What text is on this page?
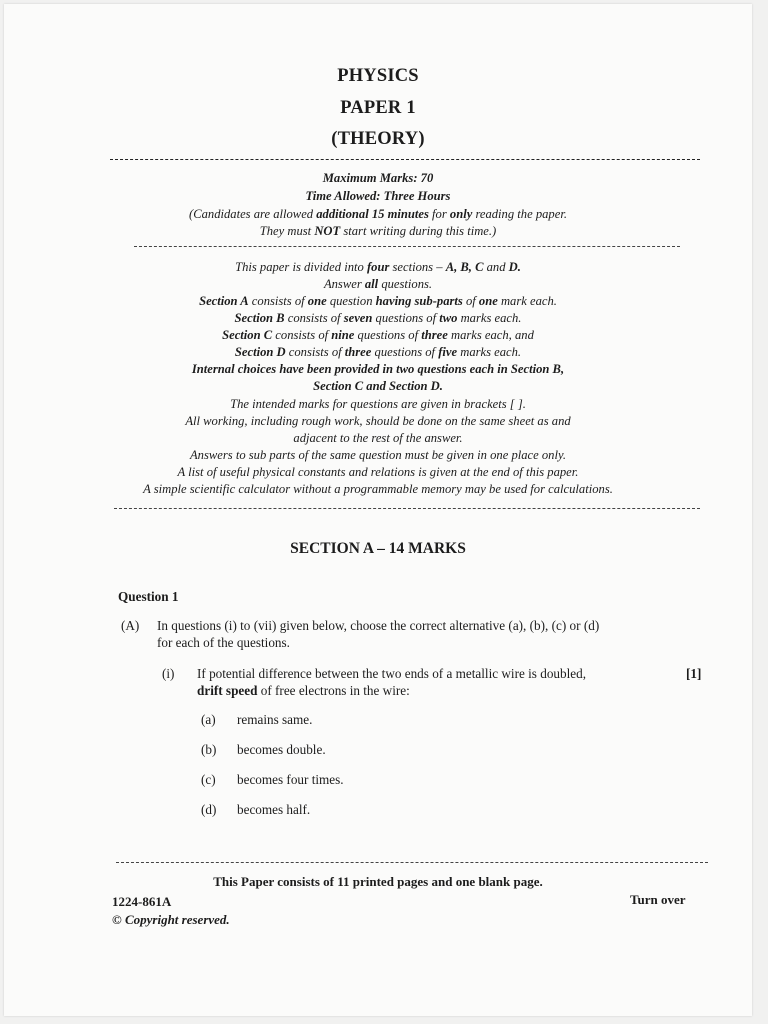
PHYSICS
PAPER 1
(THEORY)
Maximum Marks: 70
Time Allowed: Three Hours
(Candidates are allowed additional 15 minutes for only reading the paper.
They must NOT start writing during this time.)
This paper is divided into four sections – A, B, C and D.
Answer all questions.
Section A consists of one question having sub-parts of one mark each.
Section B consists of seven questions of two marks each.
Section C consists of nine questions of three marks each, and
Section D consists of three questions of five marks each.
Internal choices have been provided in two questions each in Section B,
Section C and Section D.
The intended marks for questions are given in brackets [ ].
All working, including rough work, should be done on the same sheet as and
adjacent to the rest of the answer.
Answers to sub parts of the same question must be given in one place only.
A list of useful physical constants and relations is given at the end of this paper.
A simple scientific calculator without a programmable memory may be used for calculations.
SECTION A – 14 MARKS
Question 1
(A) In questions (i) to (vii) given below, choose the correct alternative (a), (b), (c) or (d)
for each of the questions.
(i) If potential difference between the two ends of a metallic wire is doubled,
drift speed of free electrons in the wire:
[1]
(a) remains same.
(b) becomes double.
(c) becomes four times.
(d) becomes half.
This Paper consists of 11 printed pages and one blank page.
1224-861A
© Copyright reserved.
Turn over
